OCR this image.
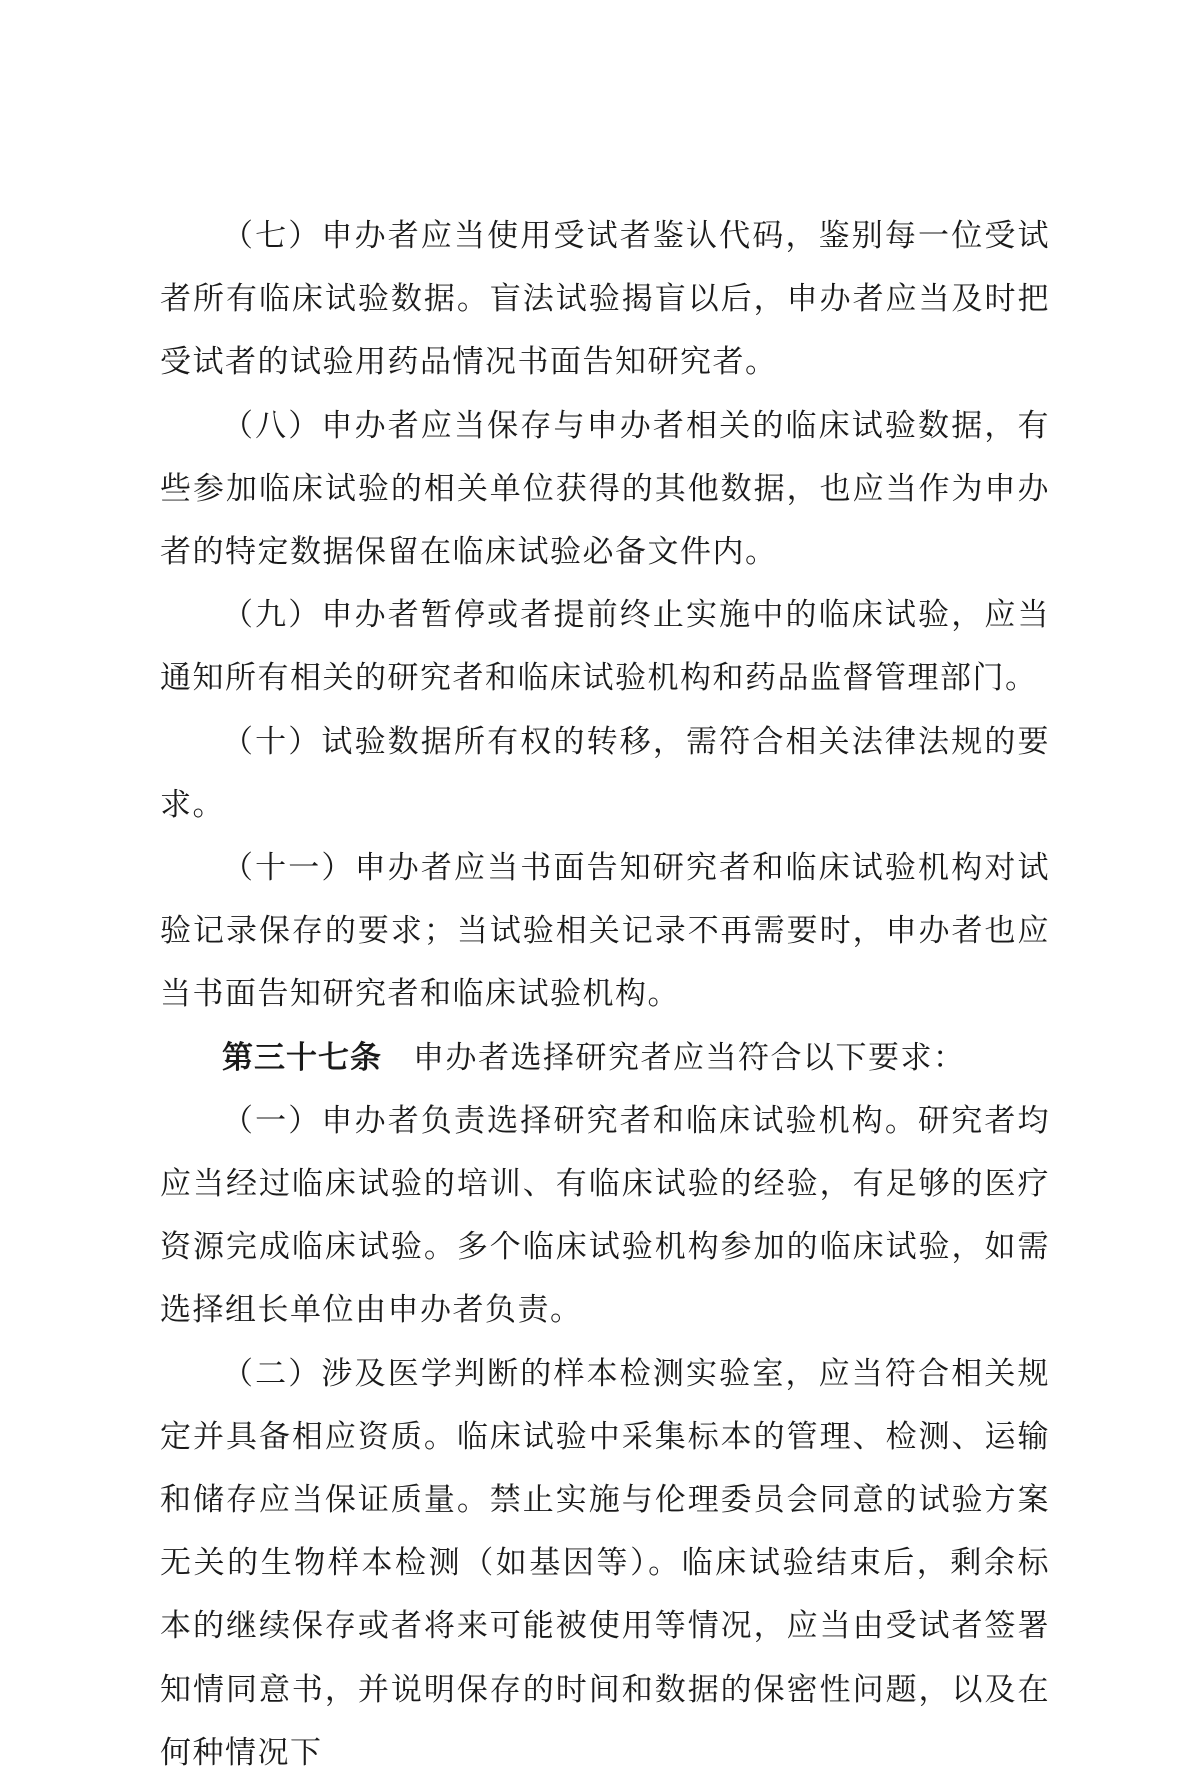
（七）申办者应当使用受试者鉴认代码，鉴别每一位受试者所有临床试验数据。盲法试验揭盲以后，申办者应当及时把受试者的试验用药品情况书面告知研究者。

（八）申办者应当保存与申办者相关的临床试验数据，有些参加临床试验的相关单位获得的其他数据，也应当作为申办者的特定数据保留在临床试验必备文件内。

（九）申办者暂停或者提前终止实施中的临床试验，应当通知所有相关的研究者和临床试验机构和药品监督管理部门。

（十）试验数据所有权的转移，需符合相关法律法规的要求。

（十一）申办者应当书面告知研究者和临床试验机构对试验记录保存的要求；当试验相关记录不再需要时，申办者也应当书面告知研究者和临床试验机构。

第三十七条 申办者选择研究者应当符合以下要求：

（一）申办者负责选择研究者和临床试验机构。研究者均应当经过临床试验的培训、有临床试验的经验，有足够的医疗资源完成临床试验。多个临床试验机构参加的临床试验，如需选择组长单位由申办者负责。

（二）涉及医学判断的样本检测实验室，应当符合相关规定并具备相应资质。临床试验中采集标本的管理、检测、运输和储存应当保证质量。禁止实施与伦理委员会同意的试验方案无关的生物样本检测（如基因等）。临床试验结束后，剩余标本的继续保存或者将来可能被使用等情况，应当由受试者签署知情同意书，并说明保存的时间和数据的保密性问题，以及在何种情况下
